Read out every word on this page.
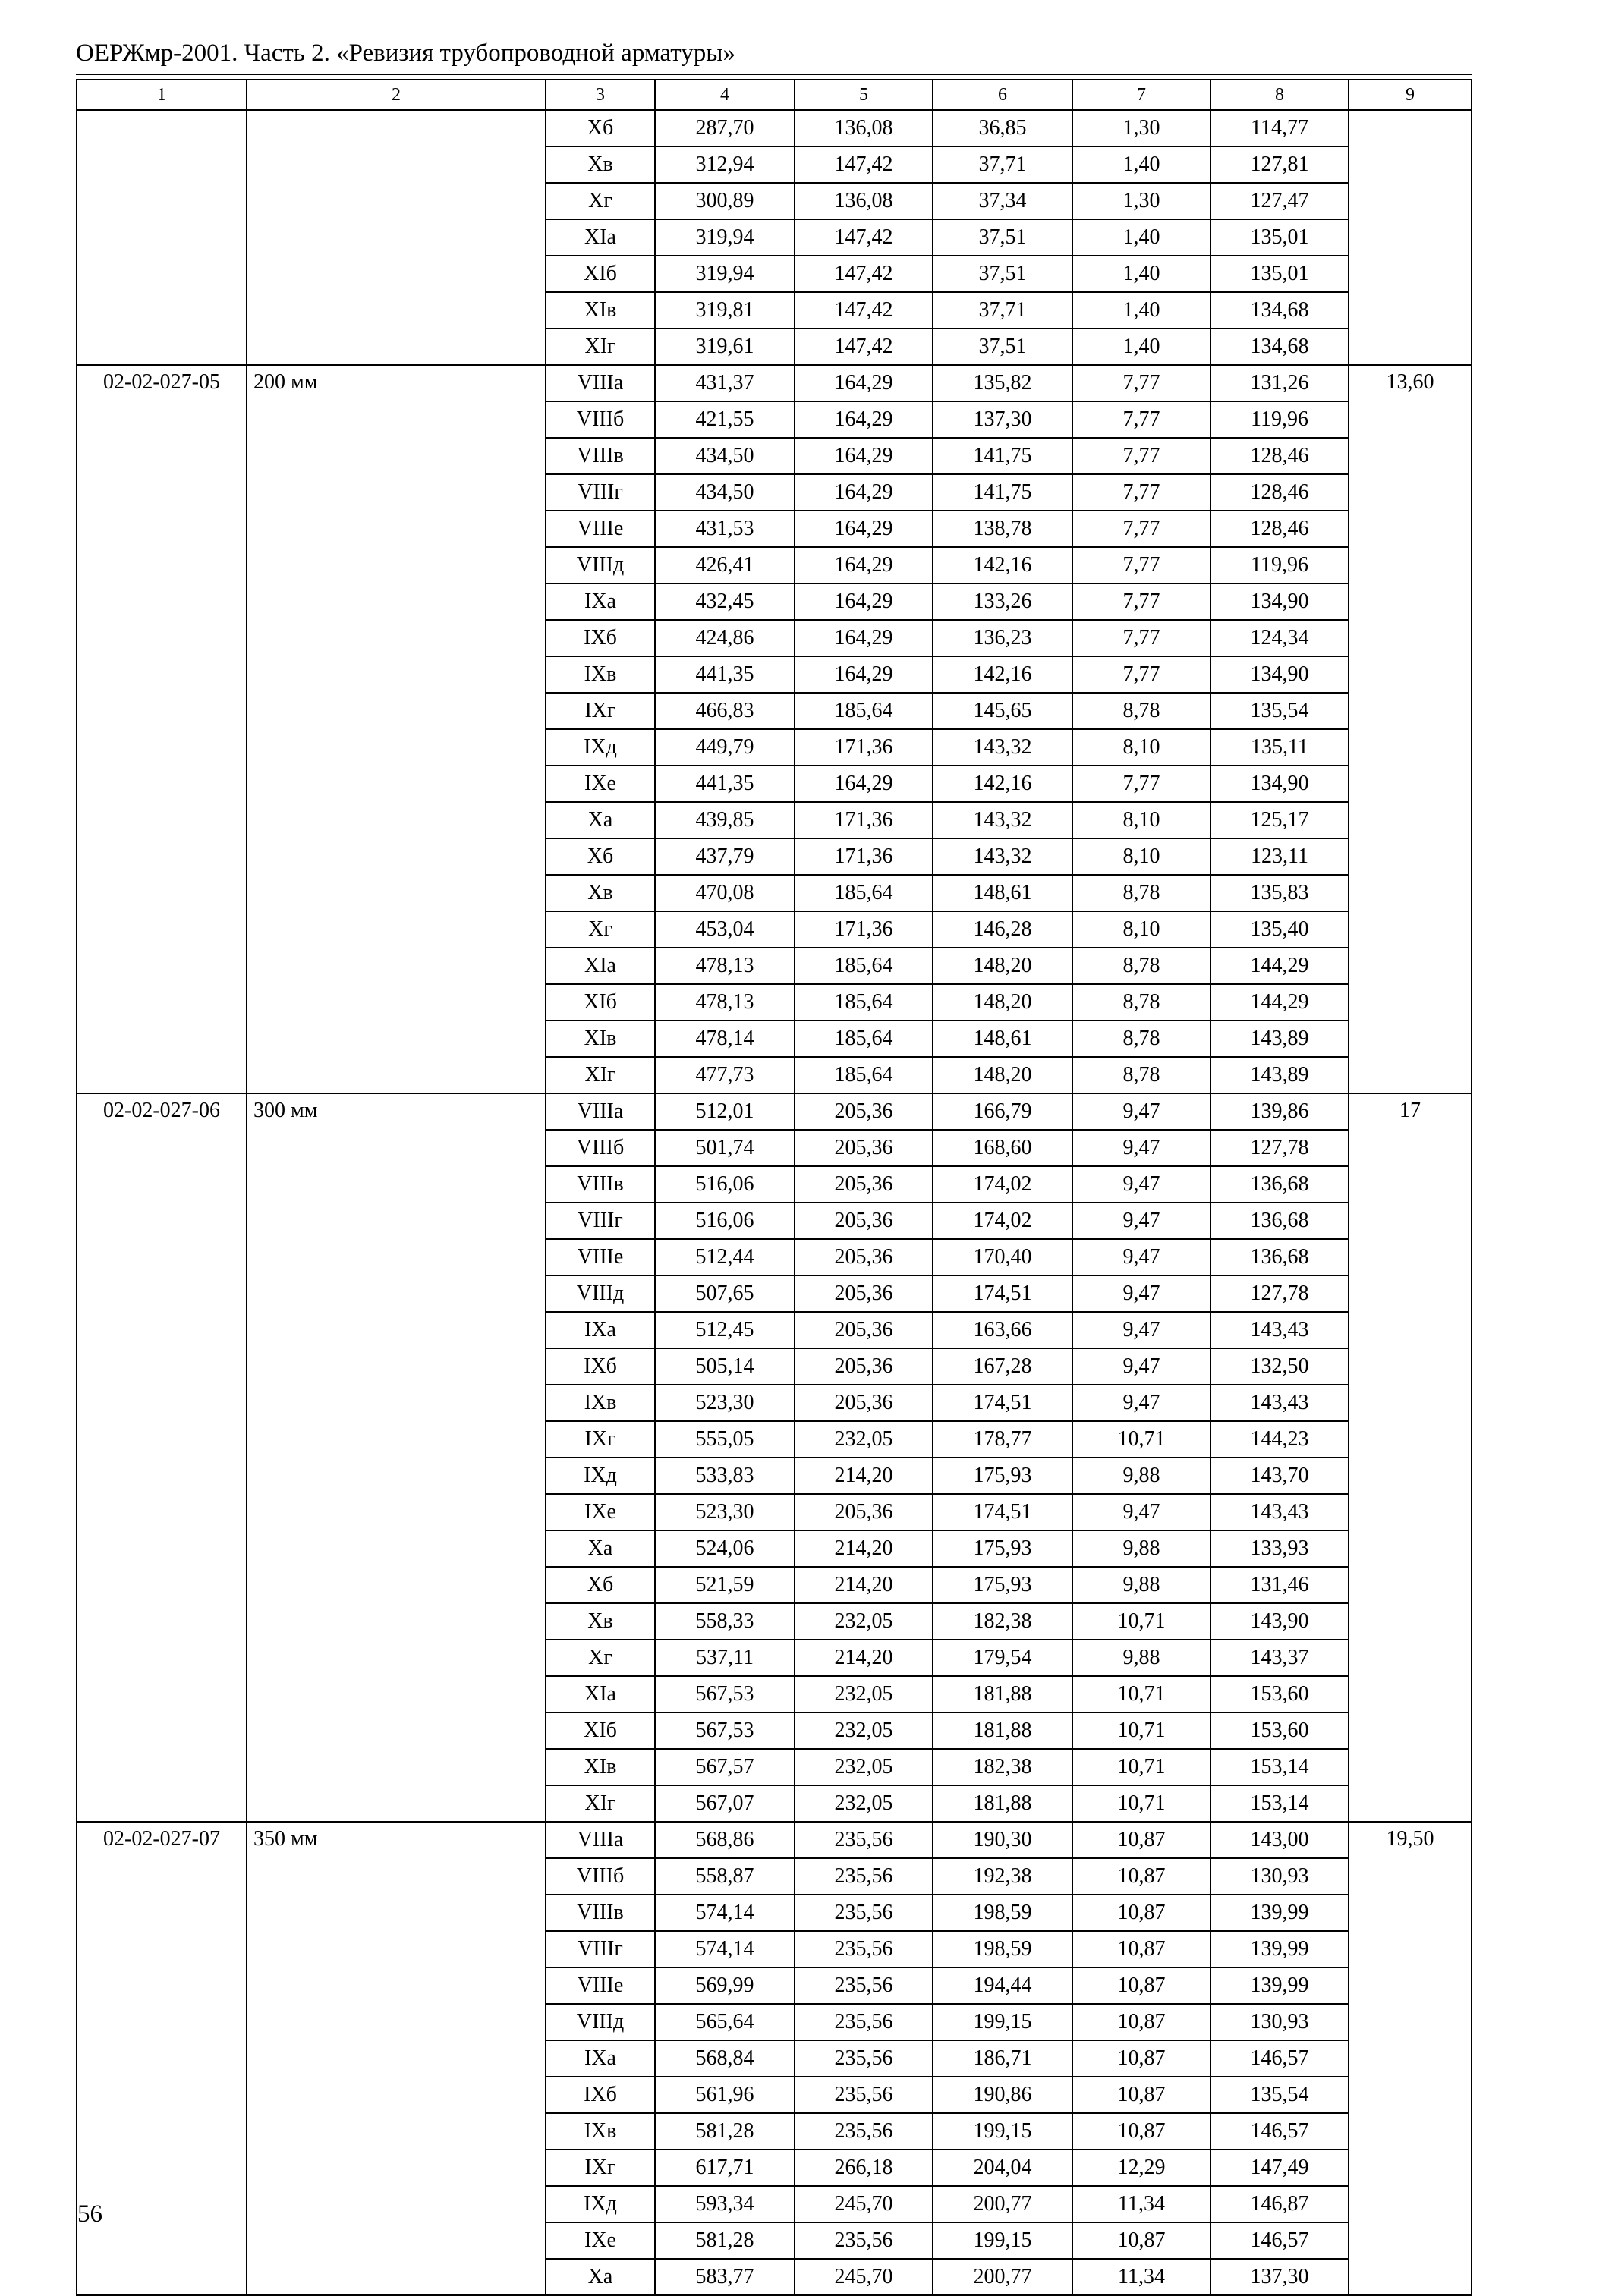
ОЕРЖмр-2001. Часть 2. «Ревизия трубопроводной арматуры»
1	2	3	4	5	6	7	8	9
		Xб	287,70	136,08	36,85	1,30	114,77	
		Xв	312,94	147,42	37,71	1,40	127,81	
		Xг	300,89	136,08	37,34	1,30	127,47	
		XIа	319,94	147,42	37,51	1,40	135,01	
		XIб	319,94	147,42	37,51	1,40	135,01	
		XIв	319,81	147,42	37,71	1,40	134,68	
		XIг	319,61	147,42	37,51	1,40	134,68	
02-02-027-05	200 мм	VIIIа	431,37	164,29	135,82	7,77	131,26	13,60
		VIIIб	421,55	164,29	137,30	7,77	119,96	
		VIIIв	434,50	164,29	141,75	7,77	128,46	
		VIIIг	434,50	164,29	141,75	7,77	128,46	
		VIIIе	431,53	164,29	138,78	7,77	128,46	
		VIIIд	426,41	164,29	142,16	7,77	119,96	
		IXа	432,45	164,29	133,26	7,77	134,90	
		IXб	424,86	164,29	136,23	7,77	124,34	
		IXв	441,35	164,29	142,16	7,77	134,90	
		IXг	466,83	185,64	145,65	8,78	135,54	
		IXд	449,79	171,36	143,32	8,10	135,11	
		IXе	441,35	164,29	142,16	7,77	134,90	
		Xа	439,85	171,36	143,32	8,10	125,17	
		Xб	437,79	171,36	143,32	8,10	123,11	
		Xв	470,08	185,64	148,61	8,78	135,83	
		Xг	453,04	171,36	146,28	8,10	135,40	
		XIа	478,13	185,64	148,20	8,78	144,29	
		XIб	478,13	185,64	148,20	8,78	144,29	
		XIв	478,14	185,64	148,61	8,78	143,89	
		XIг	477,73	185,64	148,20	8,78	143,89	
02-02-027-06	300 мм	VIIIа	512,01	205,36	166,79	9,47	139,86	17
		VIIIб	501,74	205,36	168,60	9,47	127,78	
		VIIIв	516,06	205,36	174,02	9,47	136,68	
		VIIIг	516,06	205,36	174,02	9,47	136,68	
		VIIIе	512,44	205,36	170,40	9,47	136,68	
		VIIIд	507,65	205,36	174,51	9,47	127,78	
		IXа	512,45	205,36	163,66	9,47	143,43	
		IXб	505,14	205,36	167,28	9,47	132,50	
		IXв	523,30	205,36	174,51	9,47	143,43	
		IXг	555,05	232,05	178,77	10,71	144,23	
		IXд	533,83	214,20	175,93	9,88	143,70	
		IXе	523,30	205,36	174,51	9,47	143,43	
		Xа	524,06	214,20	175,93	9,88	133,93	
		Xб	521,59	214,20	175,93	9,88	131,46	
		Xв	558,33	232,05	182,38	10,71	143,90	
		Xг	537,11	214,20	179,54	9,88	143,37	
		XIа	567,53	232,05	181,88	10,71	153,60	
		XIб	567,53	232,05	181,88	10,71	153,60	
		XIв	567,57	232,05	182,38	10,71	153,14	
		XIг	567,07	232,05	181,88	10,71	153,14	
02-02-027-07	350 мм	VIIIа	568,86	235,56	190,30	10,87	143,00	19,50
		VIIIб	558,87	235,56	192,38	10,87	130,93	
		VIIIв	574,14	235,56	198,59	10,87	139,99	
		VIIIг	574,14	235,56	198,59	10,87	139,99	
		VIIIе	569,99	235,56	194,44	10,87	139,99	
		VIIIд	565,64	235,56	199,15	10,87	130,93	
		IXа	568,84	235,56	186,71	10,87	146,57	
		IXб	561,96	235,56	190,86	10,87	135,54	
		IXв	581,28	235,56	199,15	10,87	146,57	
		IXг	617,71	266,18	204,04	12,29	147,49	
		IXд	593,34	245,70	200,77	11,34	146,87	
		IXе	581,28	235,56	199,15	10,87	146,57	
		Xа	583,77	245,70	200,77	11,34	137,30	
56
